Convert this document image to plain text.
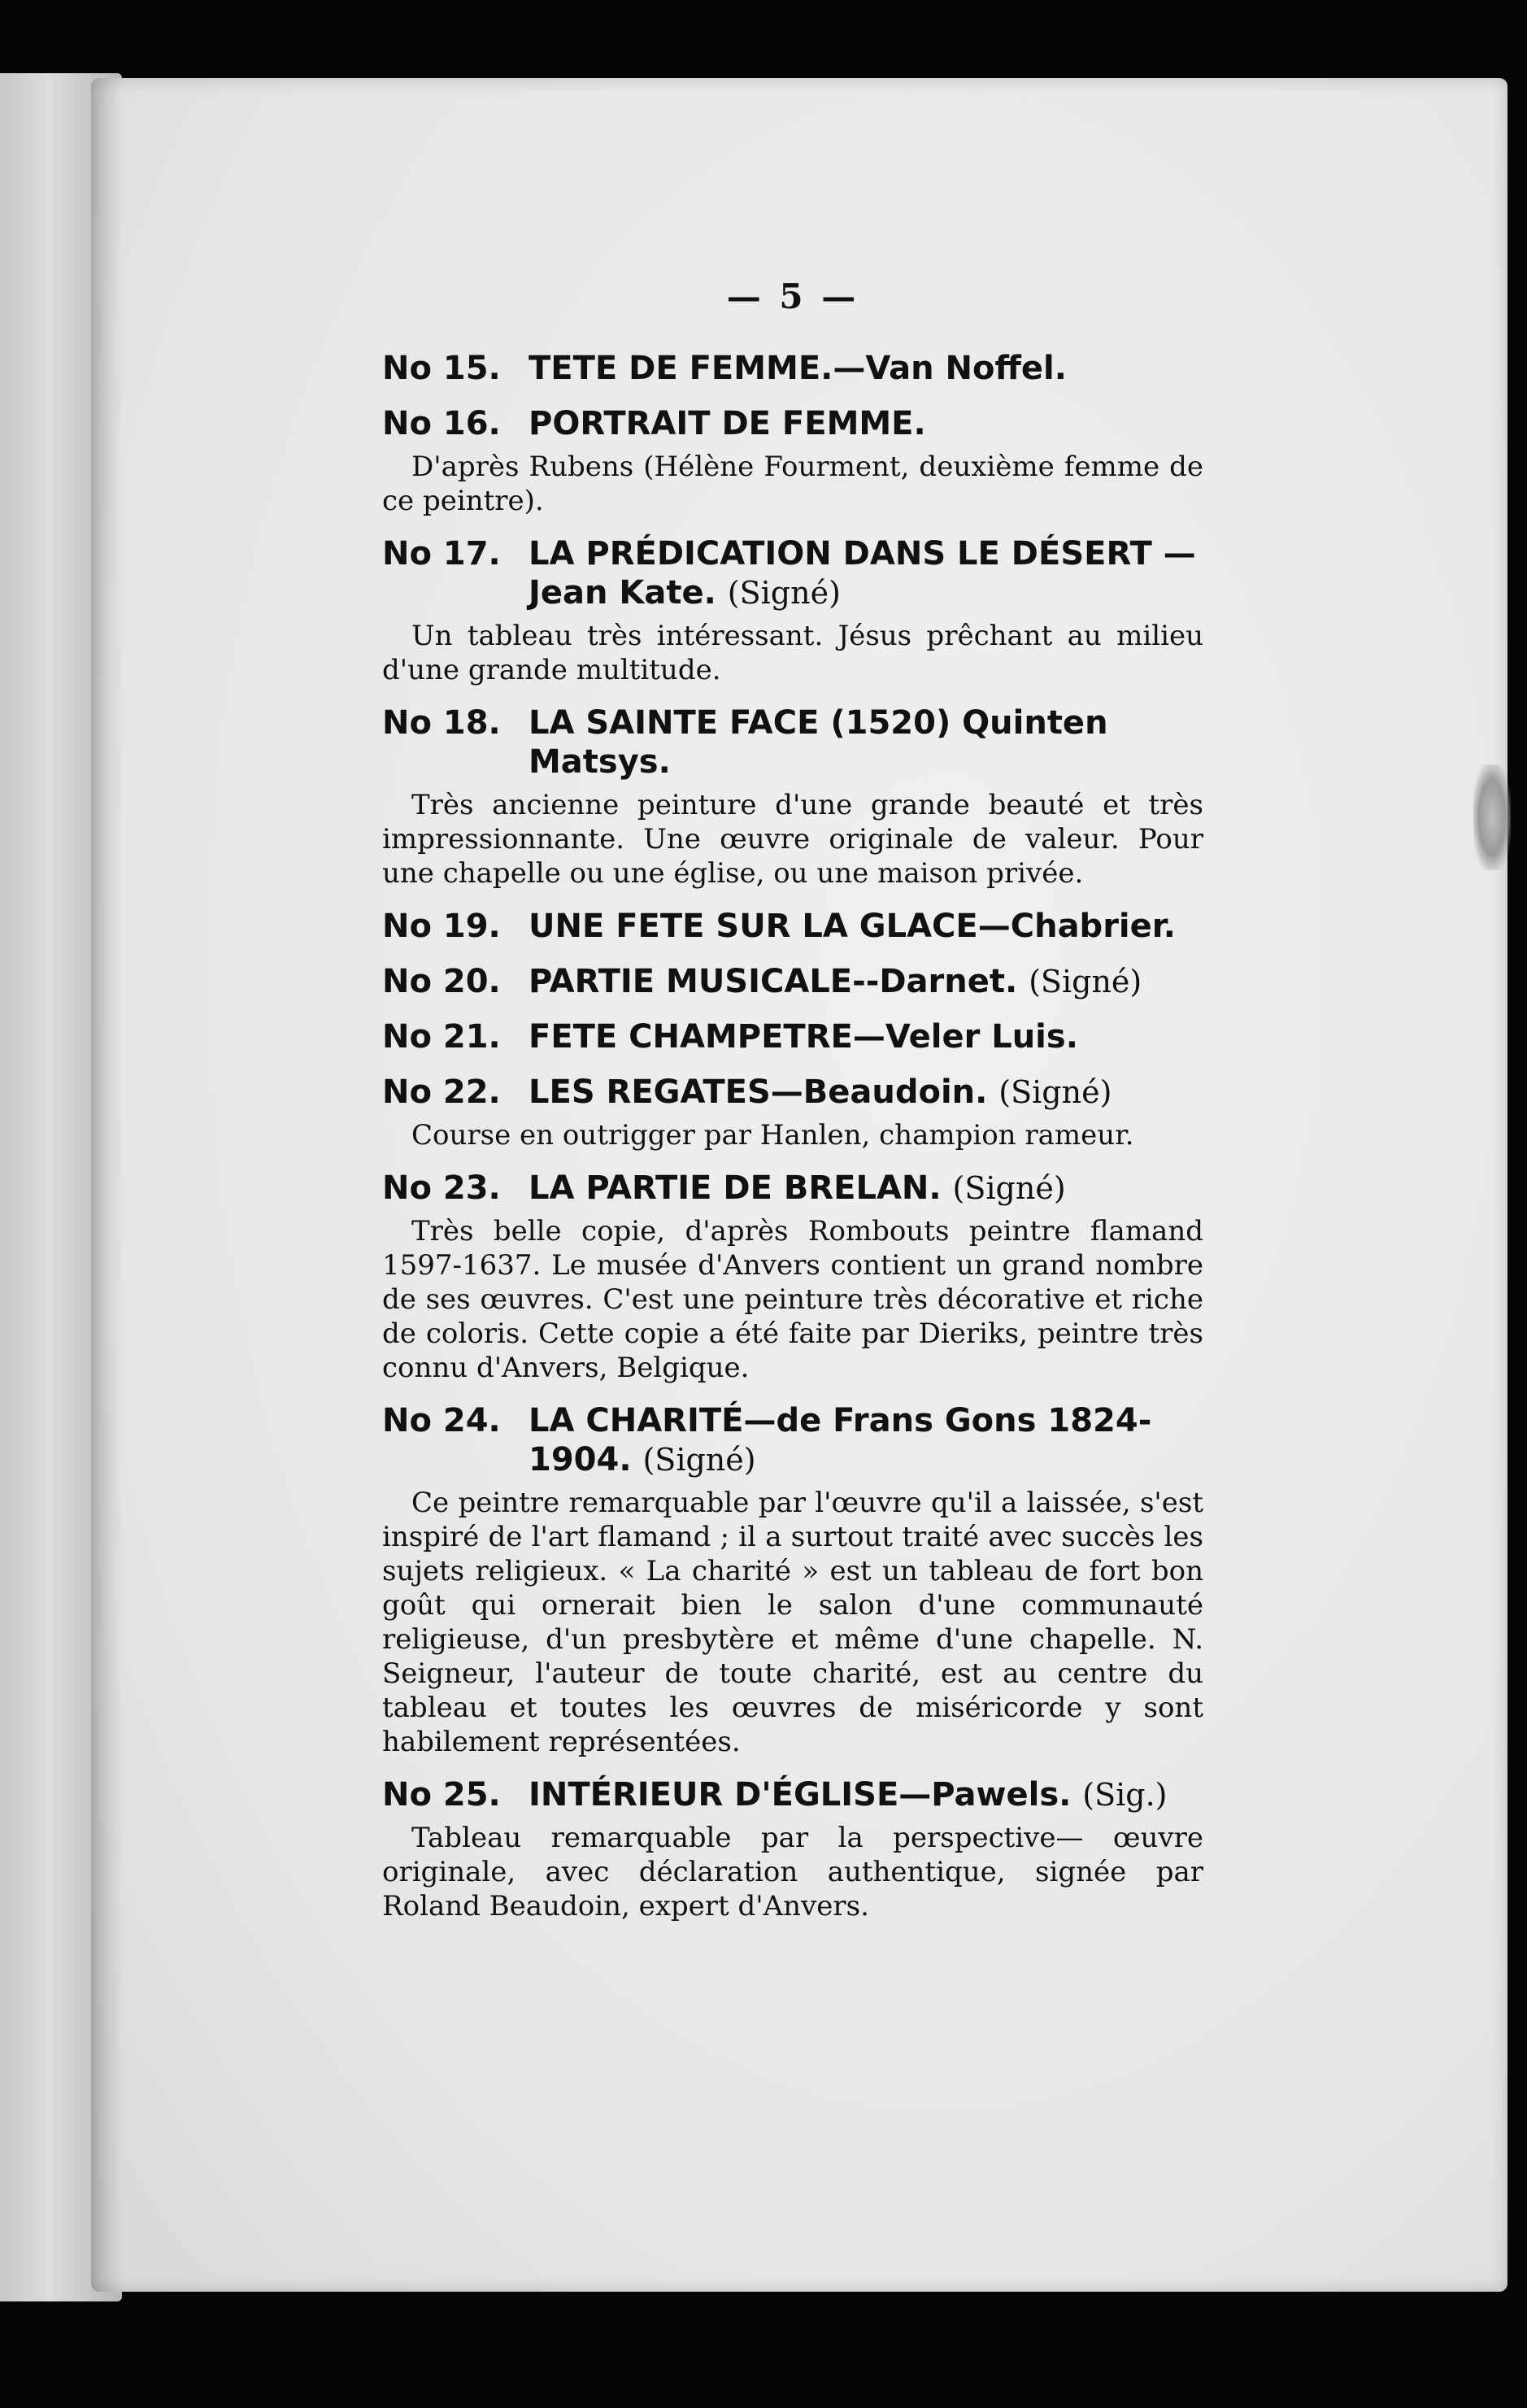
— 5 —
No 15. TETE DE FEMME.—Van Noffel.
No 16. PORTRAIT DE FEMME.
D'après Rubens (Hélène Fourment, deuxième femme de ce peintre).
No 17. LA PRÉDICATION DANS LE DÉSERT —Jean Kate. (Signé)
Un tableau très intéressant. Jésus prêchant au milieu d'une grande multitude.
No 18. LA SAINTE FACE (1520) Quinten Matsys.
Très ancienne peinture d'une grande beauté et très impressionnante. Une œuvre originale de valeur. Pour une chapelle ou une église, ou une maison privée.
No 19. UNE FETE SUR LA GLACE—Chabrier.
No 20. PARTIE MUSICALE--Darnet. (Signé)
No 21. FETE CHAMPETRE—Veler Luis.
No 22. LES REGATES—Beaudoin. (Signé)
Course en outrigger par Hanlen, champion rameur.
No 23. LA PARTIE DE BRELAN. (Signé)
Très belle copie, d'après Rombouts peintre flamand 1597-1637. Le musée d'Anvers contient un grand nombre de ses œuvres. C'est une peinture très décorative et riche de coloris. Cette copie a été faite par Dieriks, peintre très connu d'Anvers, Belgique.
No 24. LA CHARITÉ—de Frans Gons 1824-1904. (Signé)
Ce peintre remarquable par l'œuvre qu'il a laissée, s'est inspiré de l'art flamand ; il a surtout traité avec succès les sujets religieux. « La charité » est un tableau de fort bon goût qui ornerait bien le salon d'une communauté religieuse, d'un presbytère et même d'une chapelle. N. Seigneur, l'auteur de toute charité, est au centre du tableau et toutes les œuvres de miséricorde y sont habilement représentées.
No 25. INTÉRIEUR D'ÉGLISE—Pawels. (Sig.)
Tableau remarquable par la perspective— œuvre originale, avec déclaration authentique, signée par Roland Beaudoin, expert d'Anvers.
